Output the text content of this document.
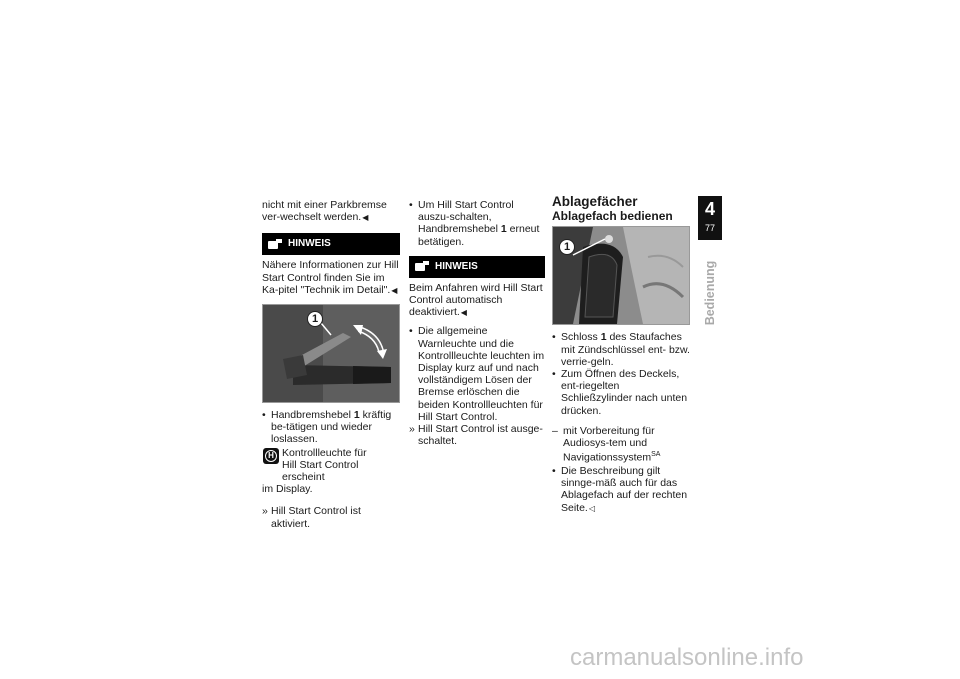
nicht mit einer Parkbremse ver-wechselt werden. ◀

HINWEIS

Nähere Informationen zur Hill Start Control finden Sie im Ka-pitel "Technik im Detail". ◀

1

• Handbremshebel 1 kräftig be-tätigen und wieder loslassen.

H Kontrollleuchte für

Hill Start Control erscheint

im Display.

» Hill Start Control ist aktiviert.

• Um Hill Start Control auszu-schalten, Handbremshebel 1 erneut betätigen.

HINWEIS

Beim Anfahren wird Hill Start Control automatisch deaktiviert. ◀

• Die allgemeine Warnleuchte und die Kontrollleuchte leuchten im Display kurz auf und nach vollständigem Lösen der Bremse erlöschen die beiden Kontrollleuchten für Hill Start Control.

» Hill Start Control ist ausge-schaltet.

Ablagefächer

Ablagefach bedienen

1

• Schloss 1 des Staufaches mit Zündschlüssel ent- bzw. verrie-geln.

• Zum Öffnen des Deckels, ent-riegelten Schließzylinder nach unten drücken.

– mit Vorbereitung für Audiosys-tem und Navigationssystem$^{SA}$

• Die Beschreibung gilt sinnge-mäß auch für das Ablagefach auf der rechten Seite. ◁

4
77
Bedienung
carmanualsonline.info
